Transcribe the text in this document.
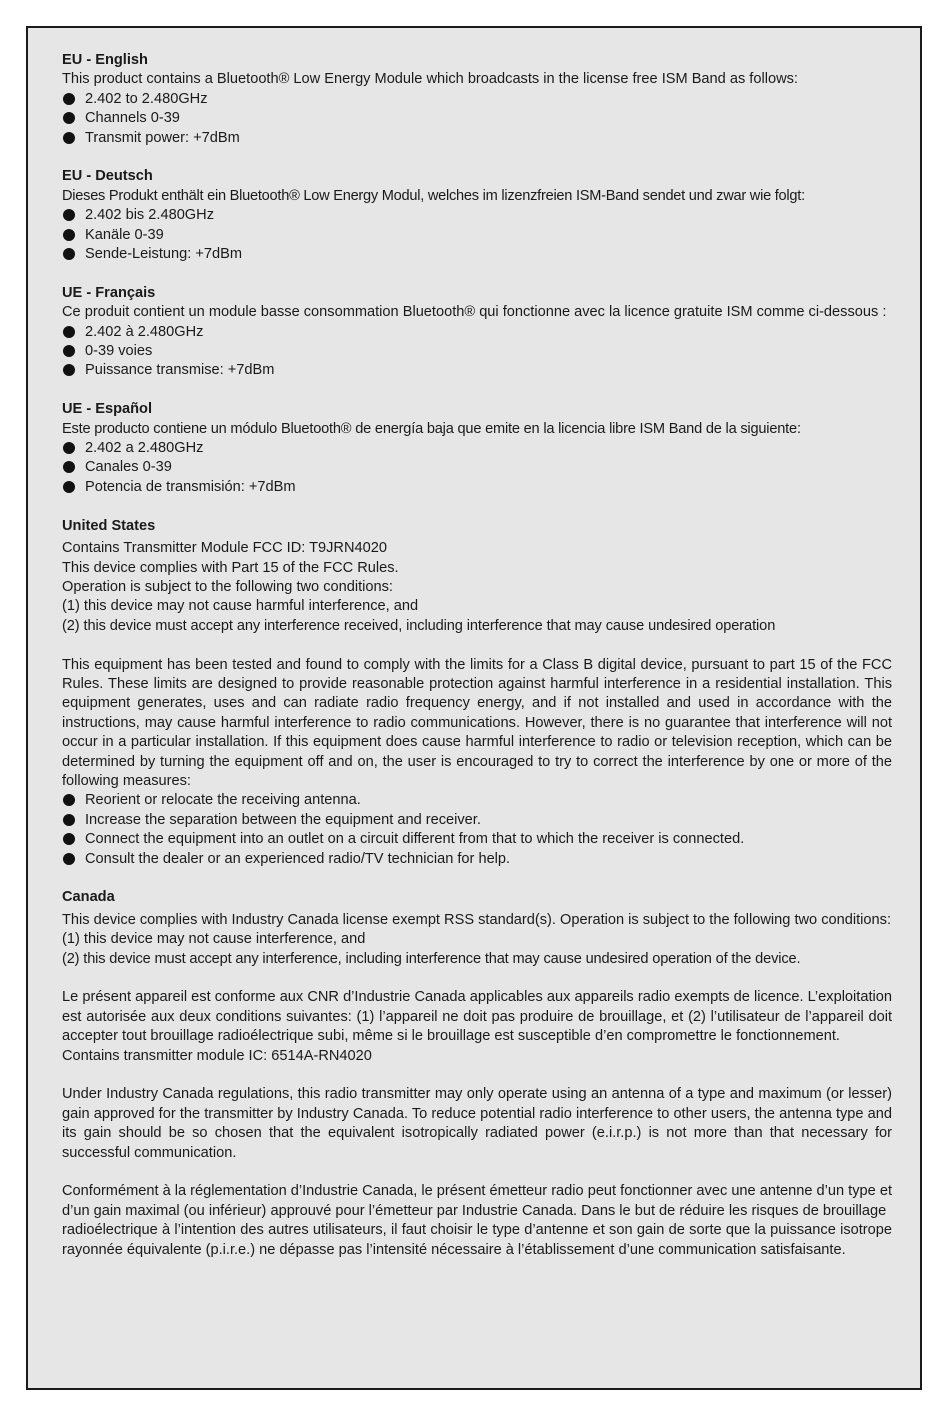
EU - English

This product contains a Bluetooth® Low Energy Module which broadcasts in the license free ISM Band as follows:

2.402 to 2.480GHz
Channels 0-39
Transmit power: +7dBm
EU - Deutsch

Dieses Produkt enthält ein Bluetooth® Low Energy Modul, welches im lizenzfreien ISM-Band sendet und zwar wie folgt:

2.402 bis 2.480GHz
Kanäle 0-39
Sende-Leistung: +7dBm
UE - Français

Ce produit contient un module basse consommation Bluetooth® qui fonctionne avec la licence gratuite ISM comme ci-dessous :

2.402 à 2.480GHz
0-39 voies
Puissance transmise: +7dBm
UE - Español

Este producto contiene un módulo Bluetooth® de energía baja que emite en la licencia libre ISM Band de la siguiente:

2.402 a 2.480GHz
Canales 0-39
Potencia de transmisión: +7dBm
United States

Contains Transmitter Module FCC ID: T9JRN4020

This device complies with Part 15 of the FCC Rules.

Operation is subject to the following two conditions:

(1) this device may not cause harmful interference, and

(2) this device must accept any interference received, including interference that may cause undesired operation

This equipment has been tested and found to comply with the limits for a Class B digital device, pursuant to part 15 of the FCC Rules. These limits are designed to provide reasonable protection against harmful interference in a residential installation. This equipment generates, uses and can radiate radio frequency energy, and if not installed and used in accordance with the instructions, may cause harmful interference to radio communications. However, there is no guarantee that interference will not occur in a particular installation. If this equipment does cause harmful interference to radio or television reception, which can be determined by turning the equipment off and on, the user is encouraged to try to correct the interference by one or more of the following measures:

Reorient or relocate the receiving antenna.
Increase the separation between the equipment and receiver.
Connect the equipment into an outlet on a circuit different from that to which the receiver is connected.
Consult the dealer or an experienced radio/TV technician for help.
Canada

This device complies with Industry Canada license exempt RSS standard(s). Operation is subject to the following two conditions:

(1) this device may not cause interference, and

(2) this device must accept any interference, including interference that may cause undesired operation of the device.

Le présent appareil est conforme aux CNR d’Industrie Canada applicables aux appareils radio exempts de licence. L’exploitation est autorisée aux deux conditions suivantes: (1) l’appareil ne doit pas produire de brouillage, et (2) l’utilisateur de l’appareil doit accepter tout brouillage radioélectrique subi, même si le brouillage est susceptible d’en compromettre le fonctionnement.

Contains transmitter module IC: 6514A-RN4020

Under Industry Canada regulations, this radio transmitter may only operate using an antenna of a type and maximum (or lesser) gain approved for the transmitter by Industry Canada. To reduce potential radio interference to other users, the antenna type and its gain should be so chosen that the equivalent isotropically radiated power (e.i.r.p.) is not more than that necessary for successful communication.

Conformément à la réglementation d’Industrie Canada, le présent émetteur radio peut fonctionner avec une antenne d’un type et d’un gain maximal (ou inférieur) approuvé pour l’émetteur par Industrie Canada. Dans le but de réduire les risques de brouillage

radioélectrique à l’intention des autres utilisateurs, il faut choisir le type d’antenne et son gain de sorte que la puissance isotrope rayonnée équivalente (p.i.r.e.) ne dépasse pas l’intensité nécessaire à l’établissement d’une communication satisfaisante.
